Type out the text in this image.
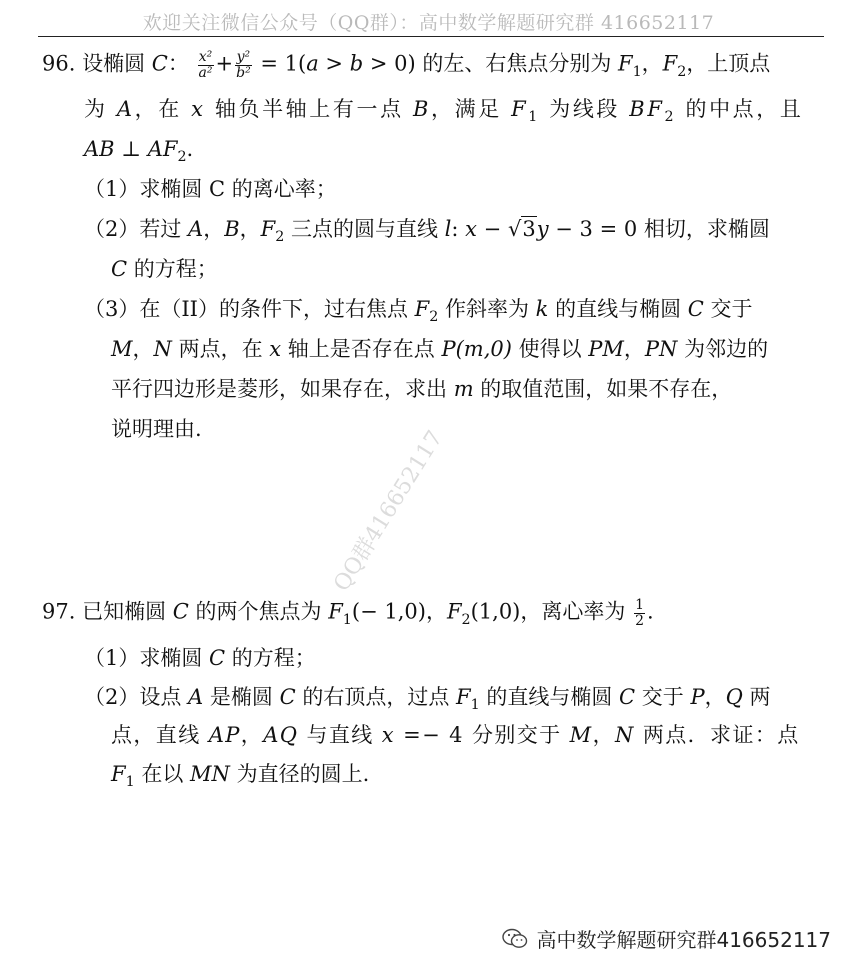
欢迎关注微信公众号（QQ群）：高中数学解题研究群 416652117
96. 设椭圆 C： $\frac{\text{x²}}{\text{a²}} + \frac{\text{y²}}{\text{b²}} = 1(a > b > 0)$ 的左、右焦点分别为 $F_1$，$F_2$，上顶点
为 A，在 x 轴负半轴上有一点 B，满足 $F_1$ 为线段 $BF_2$ 的中点，且
AB ⊥ $AF_2$.
（1）求椭圆 C 的离心率；
（2）若过 A，B，$F_2$ 三点的圆与直线 l: x − √3y − 3 = 0 相切，求椭圆
C 的方程；
（3）在（II）的条件下，过右焦点 $F_2$ 作斜率为 k 的直线与椭圆 C 交于
M，N 两点，在 x 轴上是否存在点 P(m,0) 使得以 PM，PN 为邻边的
平行四边形是菱形，如果存在，求出 m 的取值范围，如果不存在，
说明理由.	QQ群416652117
97. 已知椭圆 C 的两个焦点为 $F_1(- 1,0)$，$F_2(1,0)$，离心率为 $\frac{1}{2}$ .
（1）求椭圆 C 的方程；
（2）设点 A 是椭圆 C 的右顶点，过点 $F_1$ 的直线与椭圆 C 交于 P，Q 两
点，直线 AP，AQ 与直线 x =− 4 分别交于 M，N 两点．求证：点
$F_1$ 在以 MN 为直径的圆上.
高中数学解题研究群416652117
